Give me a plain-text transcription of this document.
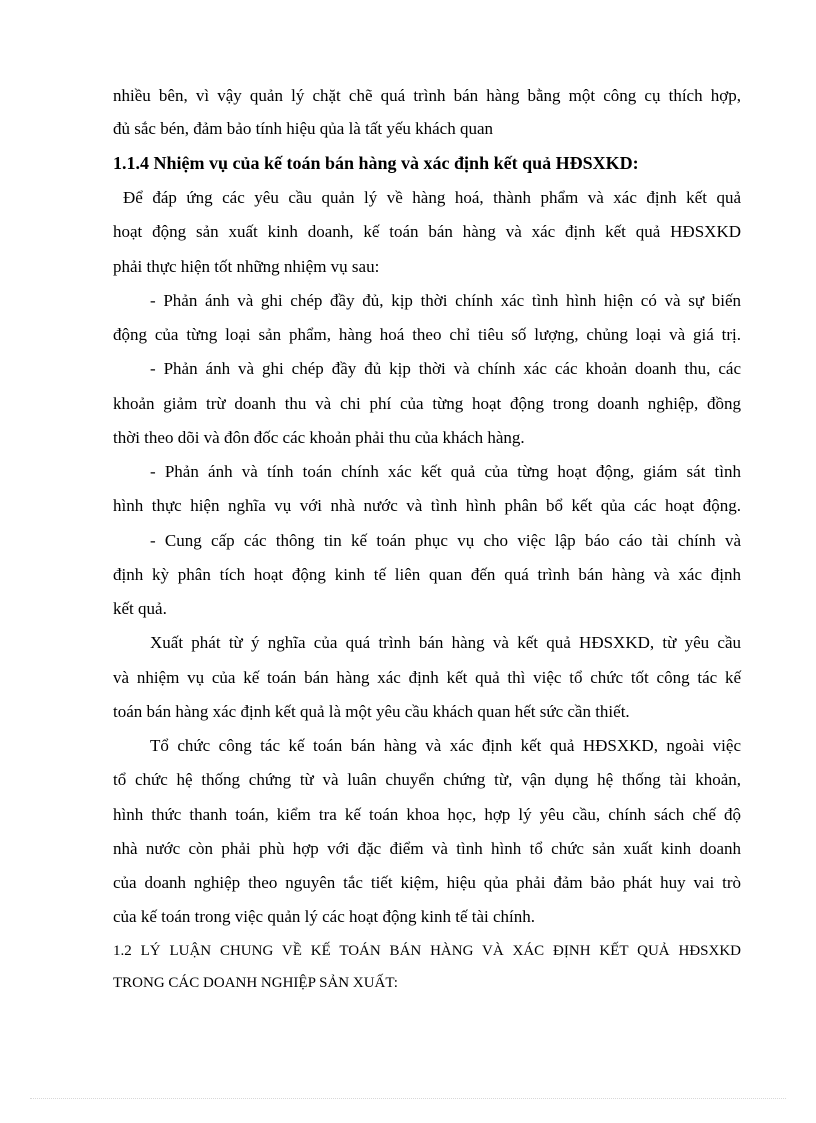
nhiều bên, vì vậy quản lý chặt chẽ quá trình bán hàng bằng một công cụ thích hợp,
đủ sắc bén, đảm bảo tính hiệu qủa là tất yếu khách quan
1.1.4 Nhiệm vụ của kế toán bán hàng và xác định kết quả HĐSXKD:
Để đáp ứng các yêu cầu quản lý về hàng hoá, thành phẩm và xác định kết quả
hoạt động sản xuất kinh doanh, kế toán bán hàng và xác định kết quả HĐSXKD
phải thực hiện tốt những nhiệm vụ sau:
- Phản ánh và ghi chép đầy đủ, kịp thời chính xác tình hình hiện có và sự biến
động của từng loại sản phẩm, hàng hoá theo chỉ tiêu số lượng, chủng loại và giá trị.
- Phản ánh và ghi chép đầy đủ kịp thời và chính xác các khoản doanh thu, các
khoản giảm trừ doanh thu và chi phí của từng hoạt động trong doanh nghiệp, đồng
thời theo dõi và đôn đốc các khoản phải thu của khách hàng.
- Phản ánh và tính toán chính xác kết quả của từng hoạt động, giám sát tình
hình thực hiện nghĩa vụ với nhà nước và tình hình phân bổ kết qủa các hoạt động.
- Cung cấp các thông tin kế toán phục vụ cho việc lập báo cáo tài chính và
định kỳ phân tích hoạt động kinh tế liên quan đến quá trình bán hàng và xác định
kết quả.
Xuất phát từ ý nghĩa của quá trình bán hàng và kết quả HĐSXKD, từ yêu cầu
và nhiệm vụ của kế toán bán hàng xác định kết quả thì việc tổ chức tốt công tác kế
toán bán hàng xác định kết quả là một yêu cầu khách quan hết sức cần thiết.
Tổ chức công tác kế toán bán hàng và xác định kết quả HĐSXKD, ngoài việc
tổ chức hệ thống chứng từ và luân chuyển chứng từ, vận dụng hệ thống tài khoản,
hình thức thanh toán, kiểm tra kế toán khoa học, hợp lý yêu cầu, chính sách chế độ
nhà nước còn phải phù hợp với đặc điểm và tình hình tổ chức sản xuất kinh doanh
của doanh nghiệp theo nguyên tắc tiết kiệm, hiệu qủa phải đảm bảo phát huy vai trò
của kế toán trong việc quản lý các hoạt động kinh tế tài chính.
1.2 LÝ LUẬN CHUNG VỀ KẾ TOÁN BÁN HÀNG VÀ XÁC ĐỊNH KẾT QUẢ HĐSXKD
TRONG CÁC DOANH NGHIỆP SẢN XUẤT:
